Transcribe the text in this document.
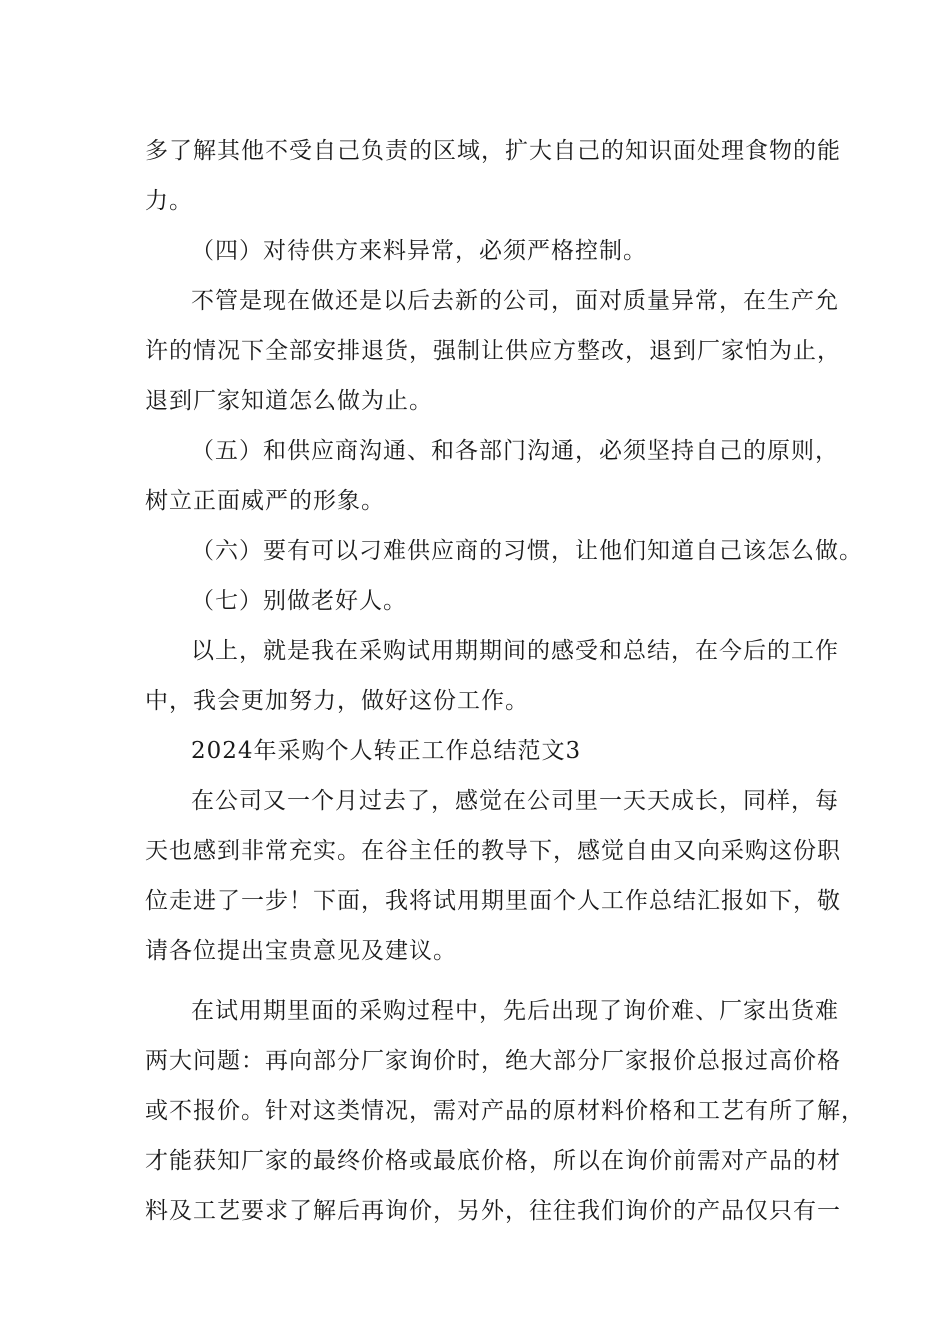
多了解其他不受自己负责的区域，扩大自己的知识面处理食物的能
力。
（四）对待供方来料异常，必须严格控制。
不管是现在做还是以后去新的公司，面对质量异常，在生产允
许的情况下全部安排退货，强制让供应方整改，退到厂家怕为止，
退到厂家知道怎么做为止。
（五）和供应商沟通、和各部门沟通，必须坚持自己的原则，
树立正面威严的形象。
（六）要有可以刁难供应商的习惯，让他们知道自己该怎么做。
（七）别做老好人。
以上，就是我在采购试用期期间的感受和总结，在今后的工作
中，我会更加努力，做好这份工作。
2024年采购个人转正工作总结范文3
在公司又一个月过去了，感觉在公司里一天天成长，同样，每
天也感到非常充实。在谷主任的教导下，感觉自由又向采购这份职
位走进了一步！下面，我将试用期里面个人工作总结汇报如下，敬
请各位提出宝贵意见及建议。
在试用期里面的采购过程中，先后出现了询价难、厂家出货难
两大问题：再向部分厂家询价时，绝大部分厂家报价总报过高价格
或不报价。针对这类情况，需对产品的原材料价格和工艺有所了解，
才能获知厂家的最终价格或最底价格，所以在询价前需对产品的材
料及工艺要求了解后再询价，另外，往往我们询价的产品仅只有一
